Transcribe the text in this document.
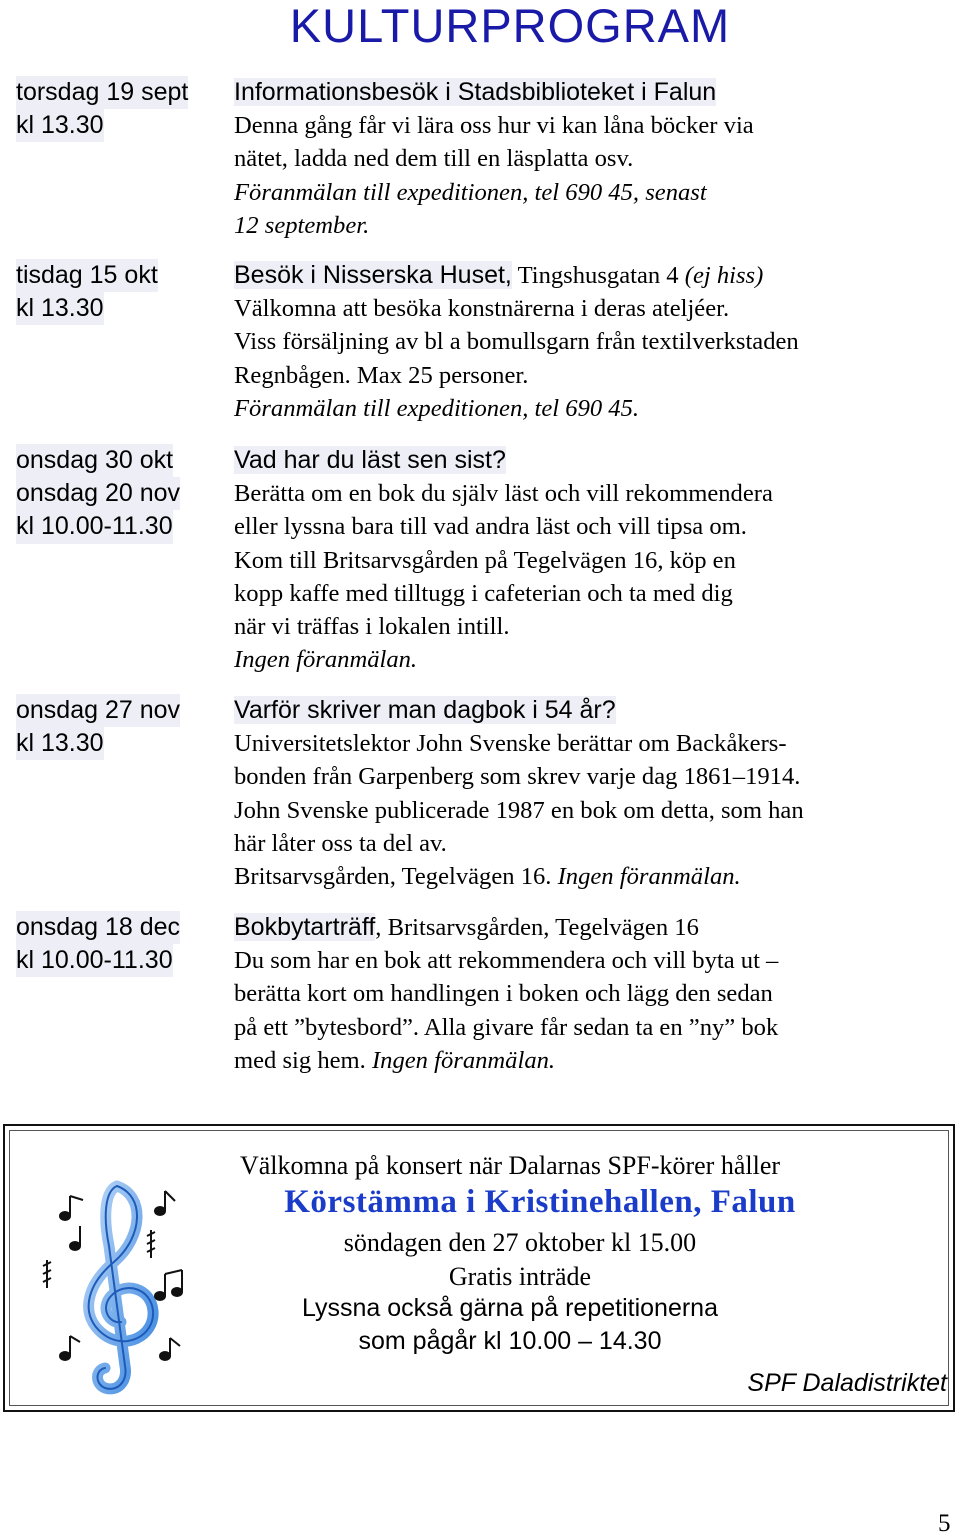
KULTURPROGRAM
torsdag 19 sept
kl 13.30
Informationsbesök i Stadsbiblioteket i Falun
Denna gång får vi lära oss hur vi kan låna böcker via
nätet, ladda ned dem till en läsplatta osv.
Föranmälan till expeditionen, tel 690 45, senast
12 september.
tisdag 15 okt
kl 13.30
Besök i Nisserska Huset, Tingshusgatan 4 (ej hiss)
Välkomna att besöka konstnärerna i deras ateljéer.
Viss försäljning av bl a bomullsgarn från textilverkstaden
Regnbågen. Max 25 personer.
Föranmälan till expeditionen, tel 690 45.
onsdag 30 okt
onsdag 20 nov
kl 10.00-11.30
Vad har du läst sen sist?
Berätta om en bok du själv läst och vill rekommendera
eller lyssna bara till vad andra läst och vill tipsa om.
Kom till Britsarvsgården på Tegelvägen 16, köp en
kopp kaffe med tilltugg i cafeterian och ta med dig
när vi träffas i lokalen intill.
Ingen föranmälan.
onsdag 27 nov
kl 13.30
Varför skriver man dagbok i 54 år?
Universitetslektor John Svenske berättar om Backåkers-
bonden från Garpenberg som skrev varje dag 1861–1914.
John Svenske publicerade 1987 en bok om detta, som han
här låter oss ta del av.
Britsarvsgården, Tegelvägen 16. Ingen föranmälan.
onsdag 18 dec
kl 10.00-11.30
Bokbytarträff, Britsarvsgården, Tegelvägen 16
Du som har en bok att rekommendera och vill byta ut –
berätta kort om handlingen i boken och lägg den sedan
på ett ”bytesbord”. Alla givare får sedan ta en ”ny” bok
med sig hem. Ingen föranmälan.
Välkomna på konsert när Dalarnas SPF-körer håller
Körstämma i Kristinehallen, Falun
söndagen den 27 oktober kl 15.00
Gratis inträde
Lyssna också gärna på repetitionerna
som pågår kl 10.00 – 14.30
SPF Daladistriktet
5
